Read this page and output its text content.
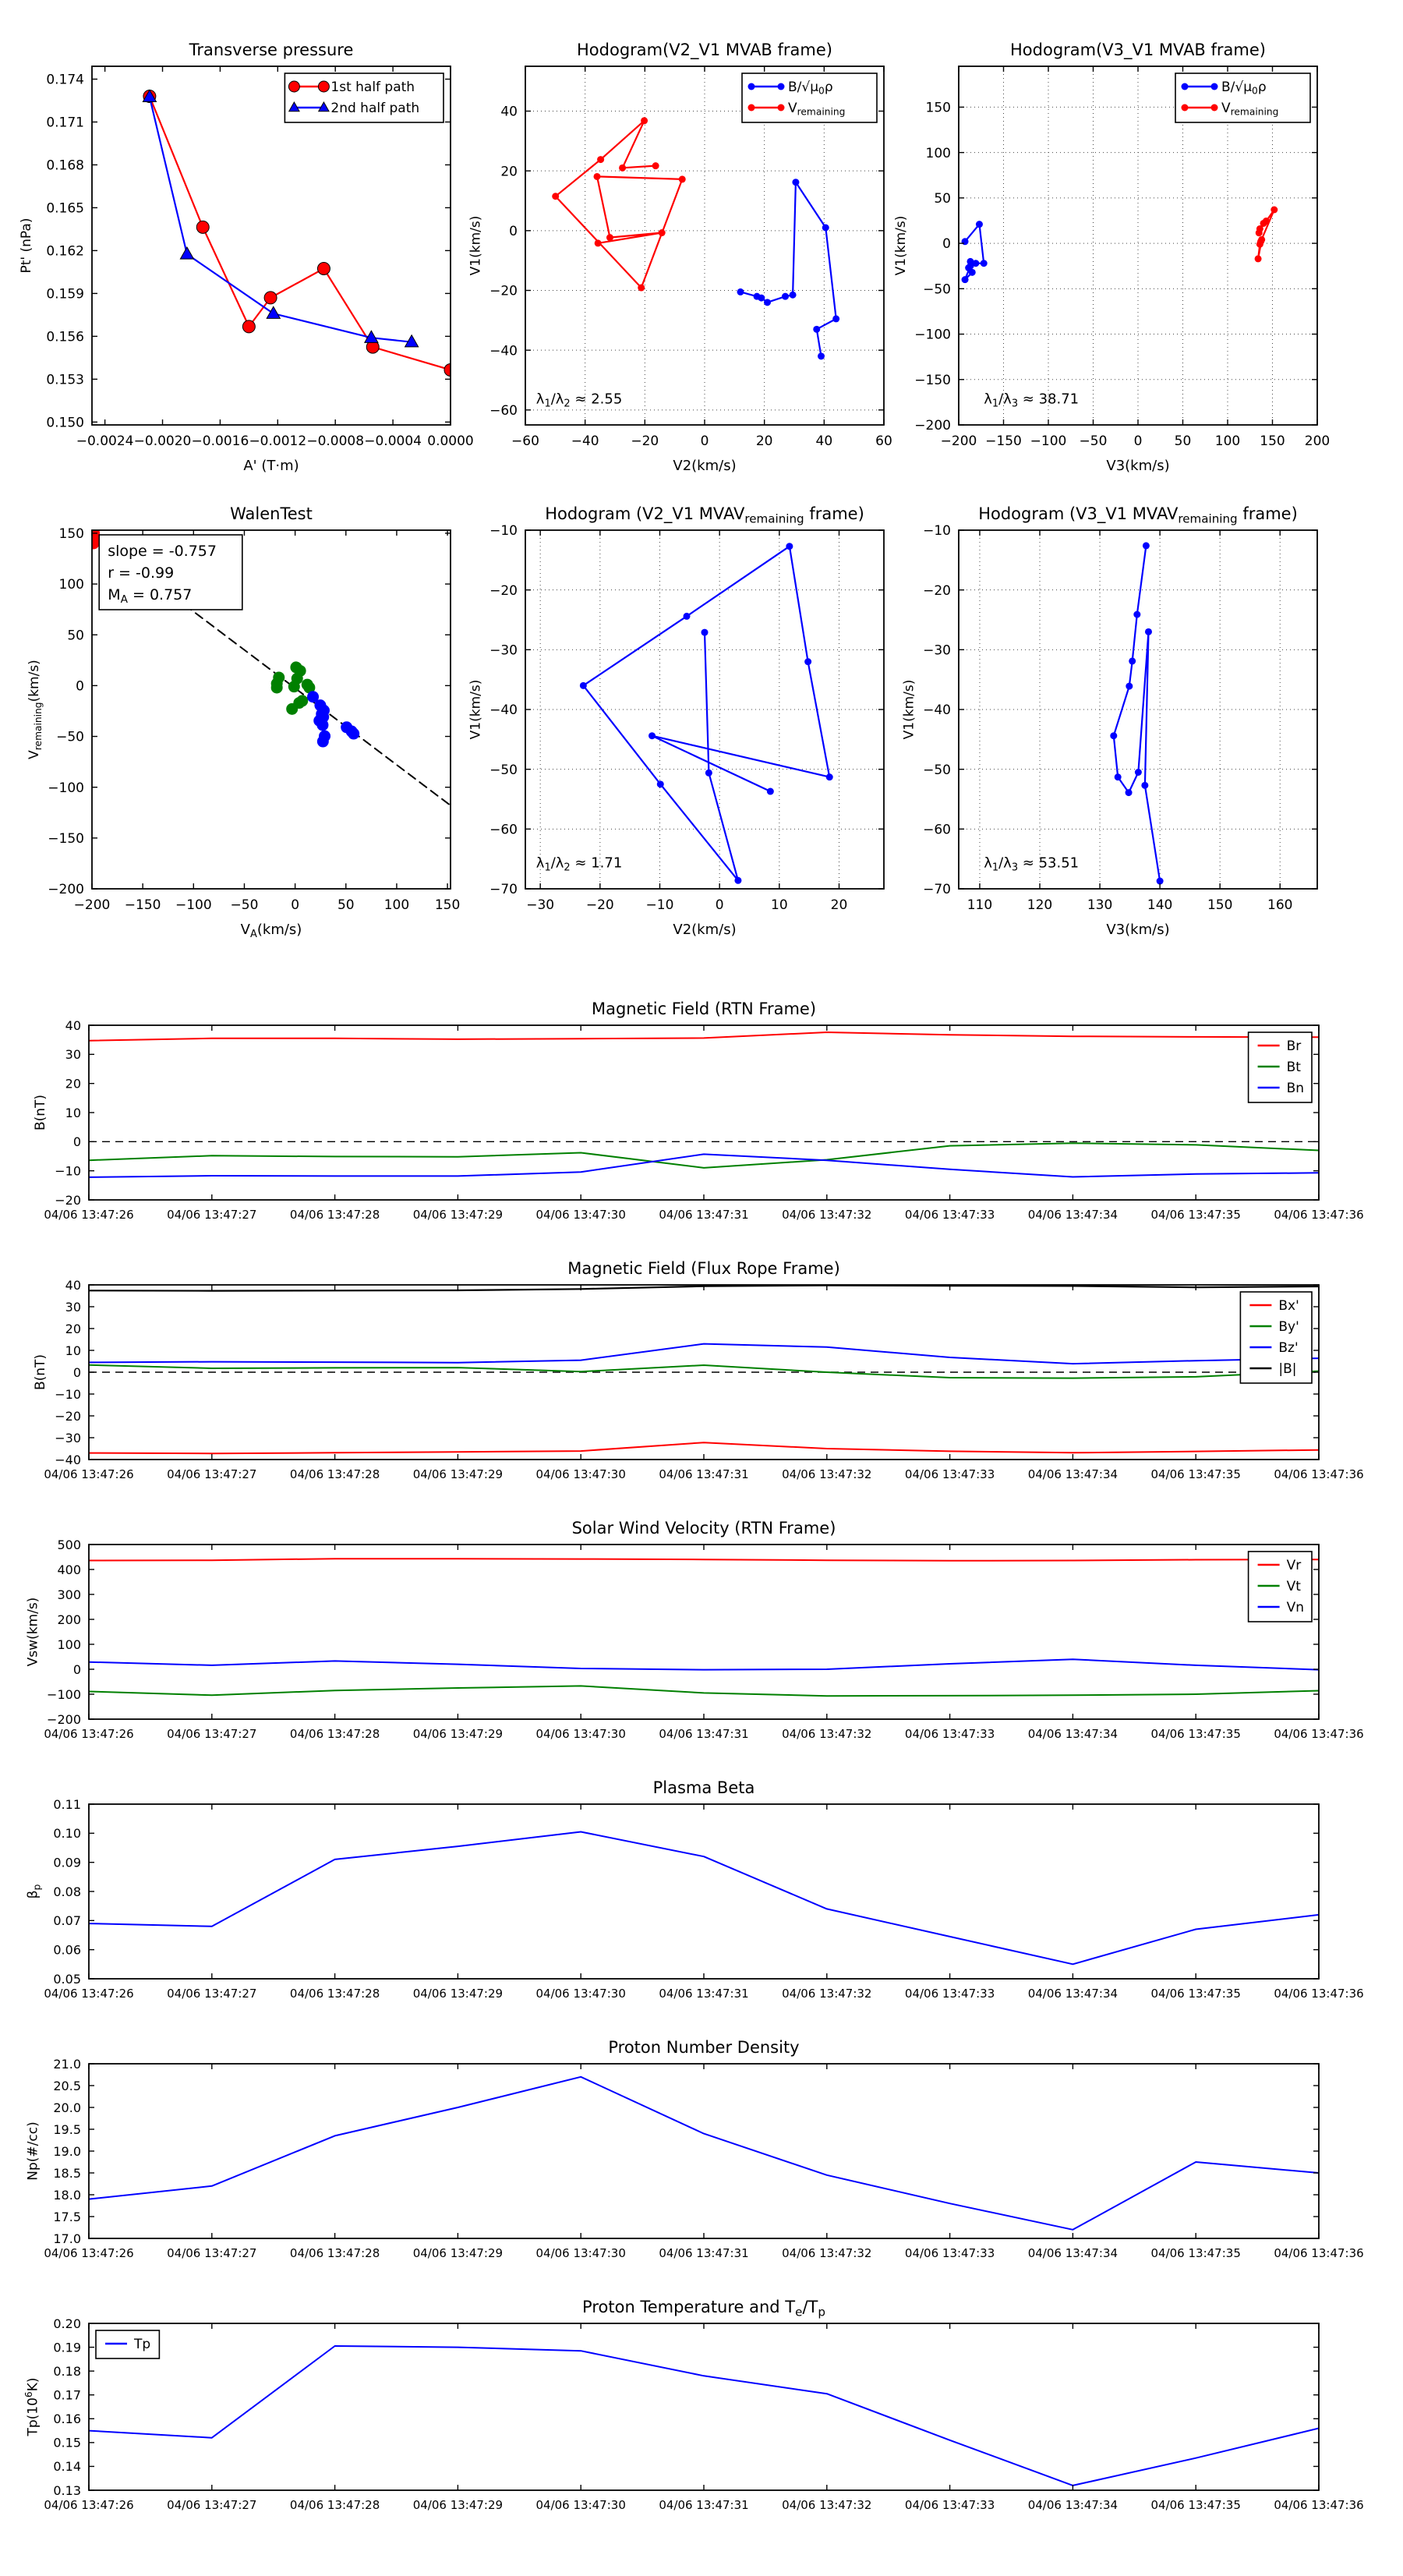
−0.0024 −0.0020 −0.0016 −0.0012 −0.0008 −0.0004 0.0000
0.150
0.153
0.156
0.159
0.162
0.165
0.168
0.171
0.174
Transverse pressure
A' (T·m)
Pt' (nPa)
1st half path
2nd half path
−60 −40 −20	0	20	40	60
−60
−40
−20
0
20
40
Hodogram(V2_V1 MVAB frame)
V2(km/s)
V1(km/s)
$B/√\mu_0\rho$
$V_{remaining}$
$\lambda_1/\lambda_2 \approx 2.55$
−200 −150 −100 −50 0 50 100 150 200
−200
−150
−100
−50
0
50
100
150
Hodogram(V3_V1 MVAB frame)
V3(km/s)
V1(km/s)
$B/√\mu_0\rho$
$V_{remaining}$
$\lambda_1/\lambda_3 \approx 38.71$
−200 −150 −100 −50 0	50 100 150
−200
−150
−100
−50
0
50
100
150
WalenTest
$V_A(km/s)$
$V_{remaining}(km/s)$
slope = -0.757
r = -0.99
$M_A = 0.757$
−30 −20 −10	0	10	20
−70
−60
−50
−40
−30
−20
−10
Hodogram (V2_V1 $MVAV_{remaining}$ frame)
V2(km/s)
V1(km/s)
$\lambda_1/\lambda_2 \approx 1.71$
110	120	130	140	150	160
−70
−60
−50
−40
−30
−20
−10
Hodogram (V3_V1 $MVAV_{remaining}$ frame)
V3(km/s)
V1(km/s)
$\lambda_1/\lambda_3 \approx 53.51$
04/06 13:47:26	04/06 13:47:27	04/06 13:47:28	04/06 13:47:29	04/06 13:47:30	04/06 13:47:31	04/06 13:47:32	04/06 13:47:33	04/06 13:47:34	04/06 13:47:35	04/06 13:47:36
−20
−10
0
10
20
30
40
Magnetic Field (RTN Frame)
B(nT)
Br
Bt
Bn
04/06 13:47:26	04/06 13:47:27	04/06 13:47:28	04/06 13:47:29	04/06 13:47:30	04/06 13:47:31	04/06 13:47:32	04/06 13:47:33	04/06 13:47:34	04/06 13:47:35	04/06 13:47:36
−40
−30
−20
−10
0
10
20
30
40
Magnetic Field (Flux Rope Frame)
B(nT)
Bx'
By'
Bz'
|B|
04/06 13:47:26	04/06 13:47:27	04/06 13:47:28	04/06 13:47:29	04/06 13:47:30	04/06 13:47:31	04/06 13:47:32	04/06 13:47:33	04/06 13:47:34	04/06 13:47:35	04/06 13:47:36
−200
−100
0
100
200
300
400
500
Solar Wind Velocity (RTN Frame)
Vsw(km/s)
Vr
Vt
Vn
04/06 13:47:26	04/06 13:47:27	04/06 13:47:28	04/06 13:47:29	04/06 13:47:30	04/06 13:47:31	04/06 13:47:32	04/06 13:47:33	04/06 13:47:34	04/06 13:47:35	04/06 13:47:36
0.05
0.06
0.07
0.08
0.09
0.10
0.11
Plasma Beta
$\beta_p$
04/06 13:47:26	04/06 13:47:27	04/06 13:47:28	04/06 13:47:29	04/06 13:47:30	04/06 13:47:31	04/06 13:47:32	04/06 13:47:33	04/06 13:47:34	04/06 13:47:35	04/06 13:47:36
17.0
17.5
18.0
18.5
19.0
19.5
20.0
20.5
21.0
Proton Number Density
Np(#/cc)
04/06 13:47:26	04/06 13:47:27	04/06 13:47:28	04/06 13:47:29	04/06 13:47:30	04/06 13:47:31	04/06 13:47:32	04/06 13:47:33	04/06 13:47:34	04/06 13:47:35	04/06 13:47:36
0.13
0.14
0.15
0.16
0.17
0.18
0.19
0.20
Proton Temperature and $T_e/T_p$
$Tp(10^6K)$
Tp
